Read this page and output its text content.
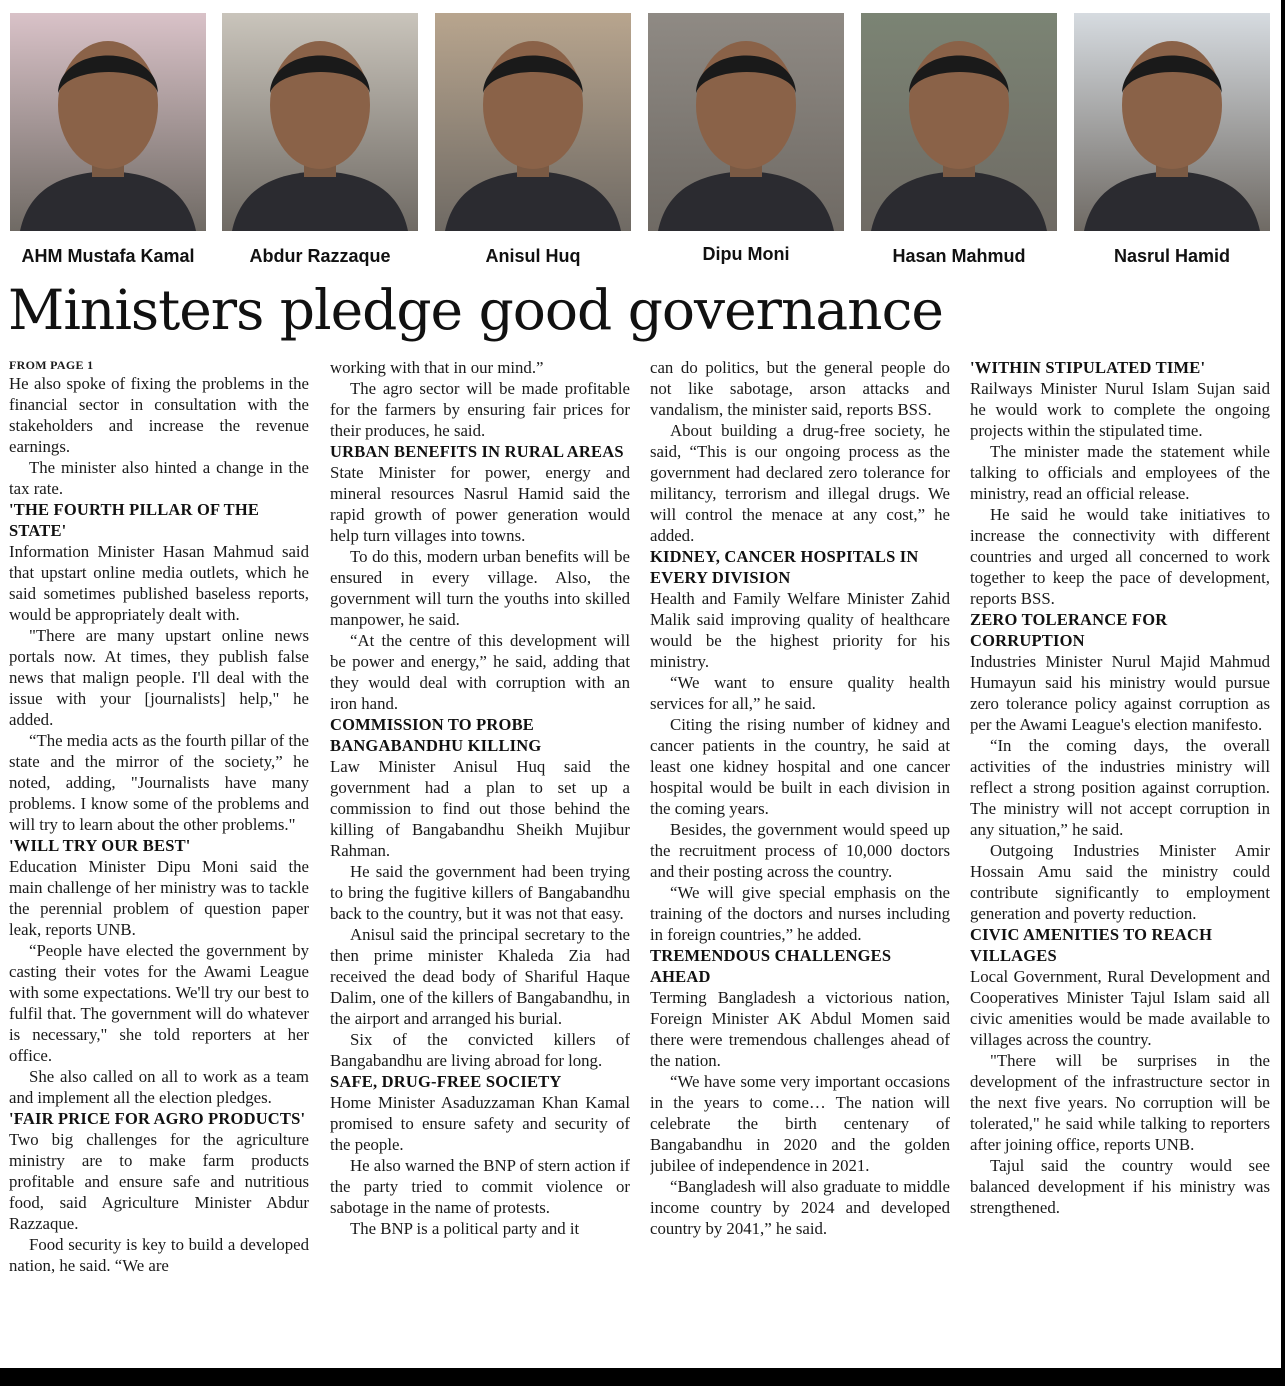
AHM Mustafa Kamal	Abdur Razzaque	Anisul Huq	Dipu Moni	Hasan Mahmud	Nasrul Hamid
Ministers pledge good governance
FROM PAGE 1

He also spoke of fixing the problems in the financial sector in consultation with the stakeholders and increase the revenue earnings.

The minister also hinted a change in the tax rate.

'THE FOURTH PILLAR OF THE STATE'

Information Minister Hasan Mahmud said that upstart online media outlets, which he said sometimes published baseless reports, would be appropriately dealt with.

"There are many upstart online news portals now. At times, they publish false news that malign people. I'll deal with the issue with your [journalists] help," he added.

“The media acts as the fourth pillar of the state and the mirror of the society,” he noted, adding, "Journalists have many problems. I know some of the problems and will try to learn about the other problems."

'WILL TRY OUR BEST'

Education Minister Dipu Moni said the main challenge of her ministry was to tackle the perennial problem of question paper leak, reports UNB.

“People have elected the government by casting their votes for the Awami League with some expectations. We'll try our best to fulfil that. The government will do whatever is necessary," she told reporters at her office.

She also called on all to work as a team and implement all the election pledges.

'FAIR PRICE FOR AGRO PRODUCTS'

Two big challenges for the agriculture ministry are to make farm products profitable and ensure safe and nutritious food, said Agriculture Minister Abdur Razzaque.

Food security is key to build a developed nation, he said. “We are

working with that in our mind.”

The agro sector will be made profitable for the farmers by ensuring fair prices for their produces, he said.

URBAN BENEFITS IN RURAL AREAS

State Minister for power, energy and mineral resources Nasrul Hamid said the rapid growth of power generation would help turn villages into towns.

To do this, modern urban benefits will be ensured in every village. Also, the government will turn the youths into skilled manpower, he said.

“At the centre of this development will be power and energy,” he said, adding that they would deal with corruption with an iron hand.

COMMISSION TO PROBE BANGABANDHU KILLING

Law Minister Anisul Huq said the government had a plan to set up a commission to find out those behind the killing of Bangabandhu Sheikh Mujibur Rahman.

He said the government had been trying to bring the fugitive killers of Bangabandhu back to the country, but it was not that easy.

Anisul said the principal secretary to the then prime minister Khaleda Zia had received the dead body of Shariful Haque Dalim, one of the killers of Bangabandhu, in the airport and arranged his burial.

Six of the convicted killers of Bangabandhu are living abroad for long.

SAFE, DRUG-FREE SOCIETY

Home Minister Asaduzzaman Khan Kamal promised to ensure safety and security of the people.

He also warned the BNP of stern action if the party tried to commit violence or sabotage in the name of protests.

The BNP is a political party and it

can do politics, but the general people do not like sabotage, arson attacks and vandalism, the minister said, reports BSS.

About building a drug-free society, he said, “This is our ongoing process as the government had declared zero tolerance for militancy, terrorism and illegal drugs. We will control the menace at any cost,” he added.

KIDNEY, CANCER HOSPITALS IN EVERY DIVISION

Health and Family Welfare Minister Zahid Malik said improving quality of healthcare would be the highest priority for his ministry.

“We want to ensure quality health services for all,” he said.

Citing the rising number of kidney and cancer patients in the country, he said at least one kidney hospital and one cancer hospital would be built in each division in the coming years.

Besides, the government would speed up the recruitment process of 10,000 doctors and their posting across the country.

“We will give special emphasis on the training of the doctors and nurses including in foreign countries,” he added.

TREMENDOUS CHALLENGES AHEAD

Terming Bangladesh a victorious nation, Foreign Minister AK Abdul Momen said there were tremendous challenges ahead of the nation.

“We have some very important occasions in the years to come… The nation will celebrate the birth centenary of Bangabandhu in 2020 and the golden jubilee of independence in 2021.

“Bangladesh will also graduate to middle income country by 2024 and developed country by 2041,” he said.

'WITHIN STIPULATED TIME'

Railways Minister Nurul Islam Sujan said he would work to complete the ongoing projects within the stipulated time.

The minister made the statement while talking to officials and employees of the ministry, read an official release.

He said he would take initiatives to increase the connectivity with different countries and urged all concerned to work together to keep the pace of development, reports BSS.

ZERO TOLERANCE FOR CORRUPTION

Industries Minister Nurul Majid Mahmud Humayun said his ministry would pursue zero tolerance policy against corruption as per the Awami League's election manifesto.

“In the coming days, the overall activities of the industries ministry will reflect a strong position against corruption. The ministry will not accept corruption in any situation,” he said.

Outgoing Industries Minister Amir Hossain Amu said the ministry could contribute significantly to employment generation and poverty reduction.

CIVIC AMENITIES TO REACH VILLAGES

Local Government, Rural Development and Cooperatives Minister Tajul Islam said all civic amenities would be made available to villages across the country.

"There will be surprises in the development of the infrastructure sector in the next five years. No corruption will be tolerated," he said while talking to reporters after joining office, reports UNB.

Tajul said the country would see balanced development if his ministry was strengthened.
